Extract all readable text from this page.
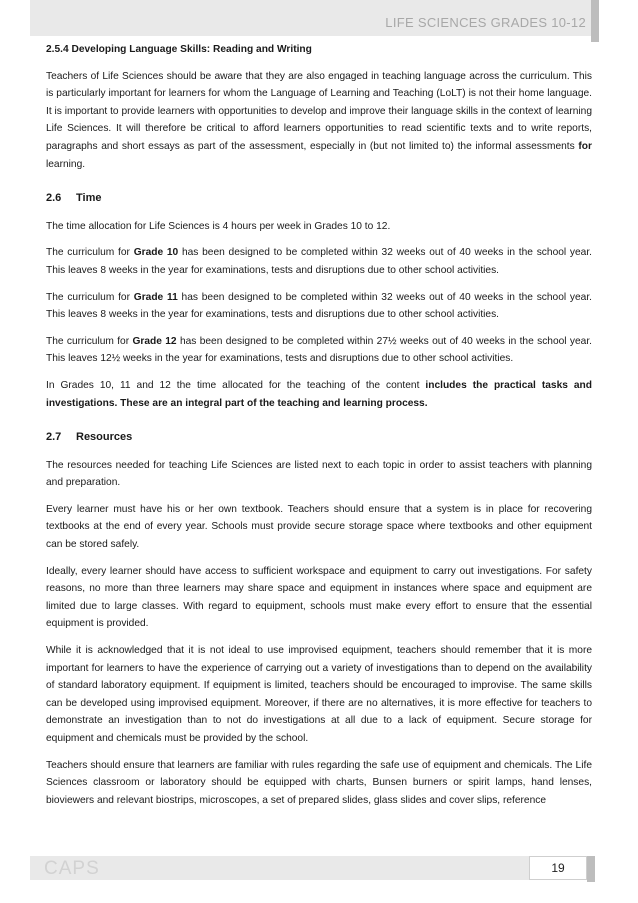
LIFE SCIENCES GRADES 10-12

2.5.4 Developing Language Skills: Reading and Writing

Teachers of Life Sciences should be aware that they are also engaged in teaching language across the curriculum. This is particularly important for learners for whom the Language of Learning and Teaching (LoLT) is not their home language. It is important to provide learners with opportunities to develop and improve their language skills in the context of learning Life Sciences. It will therefore be critical to afford learners opportunities to read scientific texts and to write reports, paragraphs and short essays as part of the assessment, especially in (but not limited to) the informal assessments for learning.

2.6	Time

The time allocation for Life Sciences is 4 hours per week in Grades 10 to 12.

The curriculum for Grade 10 has been designed to be completed within 32 weeks out of 40 weeks in the school year. This leaves 8 weeks in the year for examinations, tests and disruptions due to other school activities.

The curriculum for Grade 11 has been designed to be completed within 32 weeks out of 40 weeks in the school year. This leaves 8 weeks in the year for examinations, tests and disruptions due to other school activities.

The curriculum for Grade 12 has been designed to be completed within 27½ weeks out of 40 weeks in the school year. This leaves 12½ weeks in the year for examinations, tests and disruptions due to other school activities.

In Grades 10, 11 and 12 the time allocated for the teaching of the content includes the practical tasks and investigations. These are an integral part of the teaching and learning process.

2.7	Resources

The resources needed for teaching Life Sciences are listed next to each topic in order to assist teachers with planning and preparation.

Every learner must have his or her own textbook. Teachers should ensure that a system is in place for recovering textbooks at the end of every year. Schools must provide secure storage space where textbooks and other equipment can be stored safely.

Ideally, every learner should have access to sufficient workspace and equipment to carry out investigations. For safety reasons, no more than three learners may share space and equipment in instances where space and equipment are limited due to large classes. With regard to equipment, schools must make every effort to ensure that the essential equipment is provided.

While it is acknowledged that it is not ideal to use improvised equipment, teachers should remember that it is more important for learners to have the experience of carrying out a variety of investigations than to depend on the availability of standard laboratory equipment. If equipment is limited, teachers should be encouraged to improvise. The same skills can be developed using improvised equipment. Moreover, if there are no alternatives, it is more effective for teachers to demonstrate an investigation than to not do investigations at all due to a lack of equipment. Secure storage for equipment and chemicals must be provided by the school.

Teachers should ensure that learners are familiar with rules regarding the safe use of equipment and chemicals. The Life Sciences classroom or laboratory should be equipped with charts, Bunsen burners or spirit lamps, hand lenses, bioviewers and relevant biostrips, microscopes, a set of prepared slides, glass slides and cover slips, reference

CAPS	19
